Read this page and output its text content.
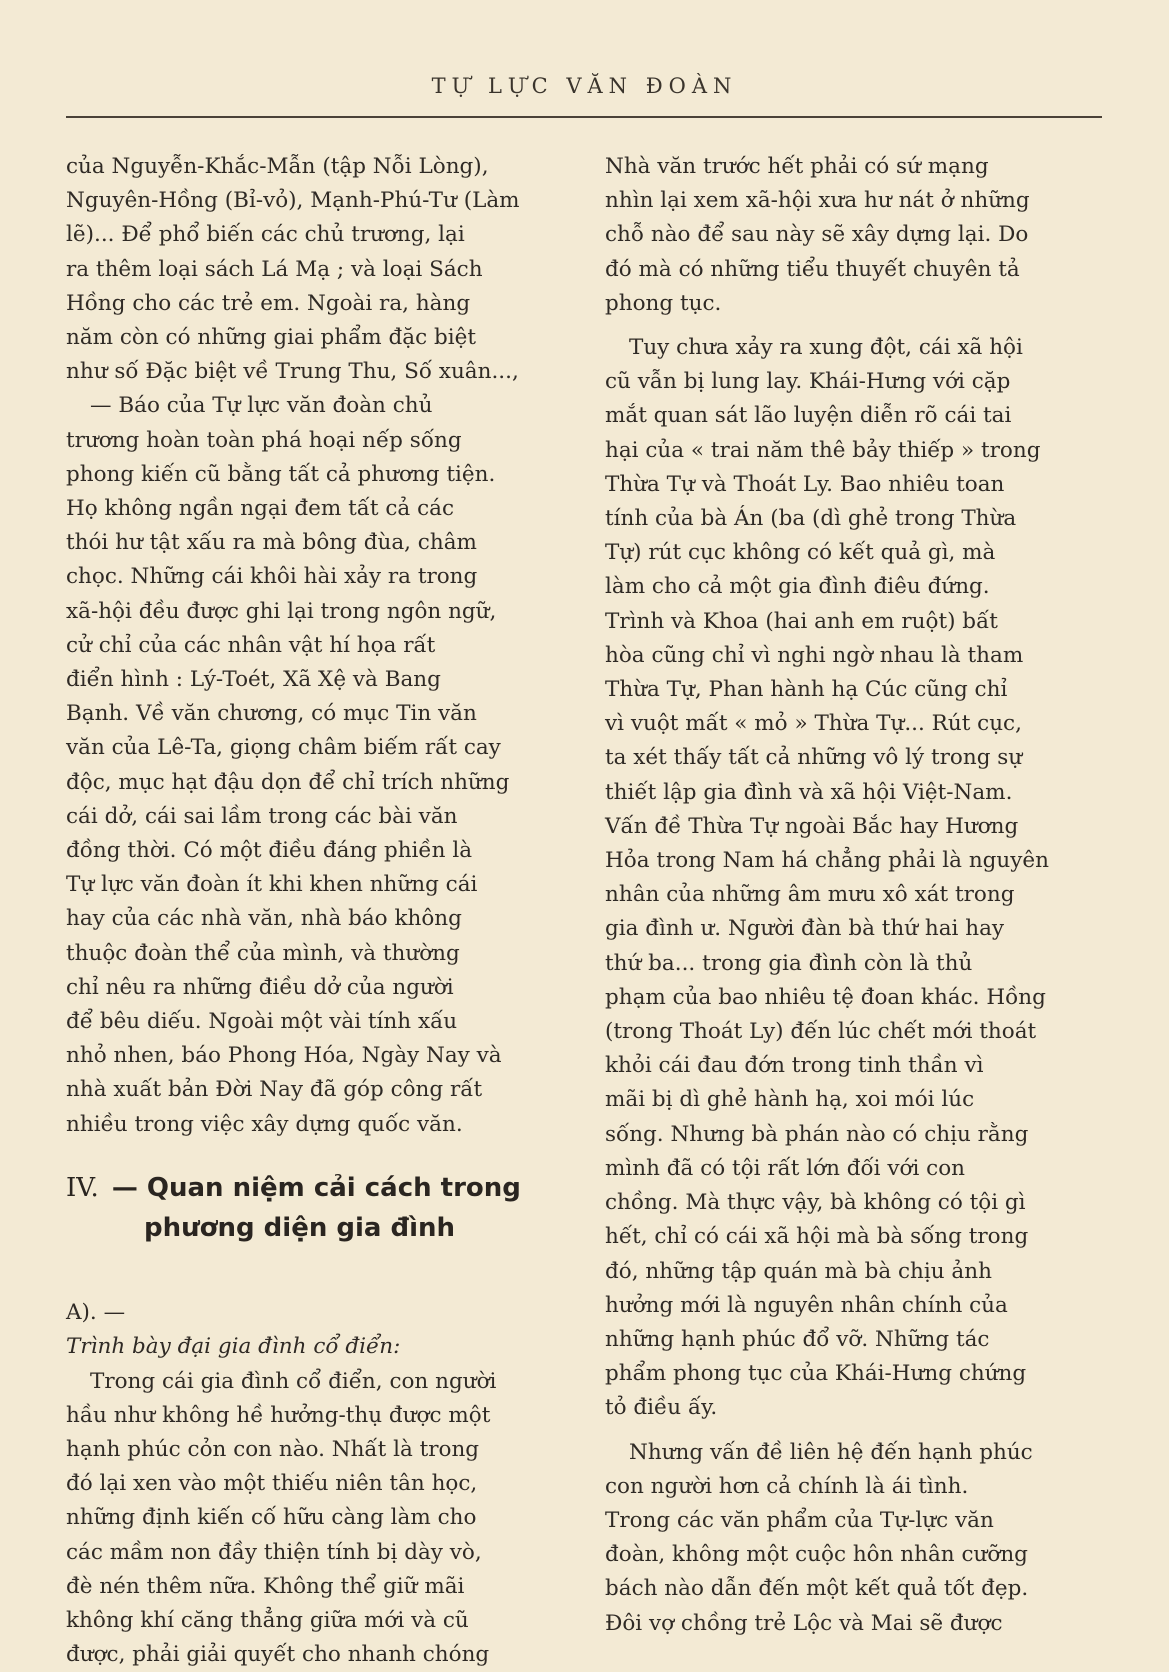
TỰ LỰC VĂN ĐOÀN

của Nguyễn-Khắc-Mẫn (tập Nỗi Lòng),
Nguyên-Hồng (Bỉ-vỏ), Mạnh-Phú-Tư (Làm
lẽ)... Để phổ biến các chủ trương, lại
ra thêm loại sách Lá Mạ ; và loại Sách
Hồng cho các trẻ em. Ngoài ra, hàng
năm còn có những giai phẩm đặc biệt
như số Đặc biệt về Trung Thu, Số xuân...,

— Báo của Tự lực văn đoàn chủ
trương hoàn toàn phá hoại nếp sống
phong kiến cũ bằng tất cả phương tiện.
Họ không ngần ngại đem tất cả các
thói hư tật xấu ra mà bông đùa, châm
chọc. Những cái khôi hài xảy ra trong
xã-hội đều được ghi lại trong ngôn ngữ,
cử chỉ của các nhân vật hí họa rất
điển hình : Lý-Toét, Xã Xệ và Bang
Bạnh. Về văn chương, có mục Tin văn
văn của Lê-Ta, giọng châm biếm rất cay
độc, mục hạt đậu dọn để chỉ trích những
cái dở, cái sai lầm trong các bài văn
đồng thời. Có một điều đáng phiền là
Tự lực văn đoàn ít khi khen những cái
hay của các nhà văn, nhà báo không
thuộc đoàn thể của mình, và thường
chỉ nêu ra những điều dở của người
để bêu diếu. Ngoài một vài tính xấu
nhỏ nhen, báo Phong Hóa, Ngày Nay và
nhà xuất bản Đời Nay đã góp công rất
nhiều trong việc xây dựng quốc văn.

IV. — Quan niệm cải cách trong
phương diện gia đình

A). —
Trình bày đại gia đình cổ điển:

Trong cái gia đình cổ điển, con người
hầu như không hề hưởng-thụ được một
hạnh phúc cỏn con nào. Nhất là trong
đó lại xen vào một thiếu niên tân học,
những định kiến cố hữu càng làm cho
các mầm non đầy thiện tính bị dày vò,
đè nén thêm nữa. Không thể giữ mãi
không khí căng thẳng giữa mới và cũ
được, phải giải quyết cho nhanh chóng

Nhà văn trước hết phải có sứ mạng
nhìn lại xem xã-hội xưa hư nát ở những
chỗ nào để sau này sẽ xây dựng lại. Do
đó mà có những tiểu thuyết chuyên tả
phong tục.

Tuy chưa xảy ra xung đột, cái xã hội
cũ vẫn bị lung lay. Khái-Hưng với cặp
mắt quan sát lão luyện diễn rõ cái tai
hại của « trai năm thê bảy thiếp » trong
Thừa Tự và Thoát Ly. Bao nhiêu toan
tính của bà Án (ba (dì ghẻ trong Thừa
Tự) rút cục không có kết quả gì, mà
làm cho cả một gia đình điêu đứng.
Trình và Khoa (hai anh em ruột) bất
hòa cũng chỉ vì nghi ngờ nhau là tham
Thừa Tự, Phan hành hạ Cúc cũng chỉ
vì vuột mất « mỏ » Thừa Tự... Rút cục,
ta xét thấy tất cả những vô lý trong sự
thiết lập gia đình và xã hội Việt-Nam.
Vấn đề Thừa Tự ngoài Bắc hay Hương
Hỏa trong Nam há chẳng phải là nguyên
nhân của những âm mưu xô xát trong
gia đình ư. Người đàn bà thứ hai hay
thứ ba... trong gia đình còn là thủ
phạm của bao nhiêu tệ đoan khác. Hồng
(trong Thoát Ly) đến lúc chết mới thoát
khỏi cái đau đớn trong tinh thần vì
mãi bị dì ghẻ hành hạ, xoi mói lúc
sống. Nhưng bà phán nào có chịu rằng
mình đã có tội rất lớn đối với con
chồng. Mà thực vậy, bà không có tội gì
hết, chỉ có cái xã hội mà bà sống trong
đó, những tập quán mà bà chịu ảnh
hưởng mới là nguyên nhân chính của
những hạnh phúc đổ vỡ. Những tác
phẩm phong tục của Khái-Hưng chứng
tỏ điều ấy.

Nhưng vấn đề liên hệ đến hạnh phúc
con người hơn cả chính là ái tình.
Trong các văn phẩm của Tự-lực văn
đoàn, không một cuộc hôn nhân cưỡng
bách nào dẫn đến một kết quả tốt đẹp.
Đôi vợ chồng trẻ Lộc và Mai sẽ được
